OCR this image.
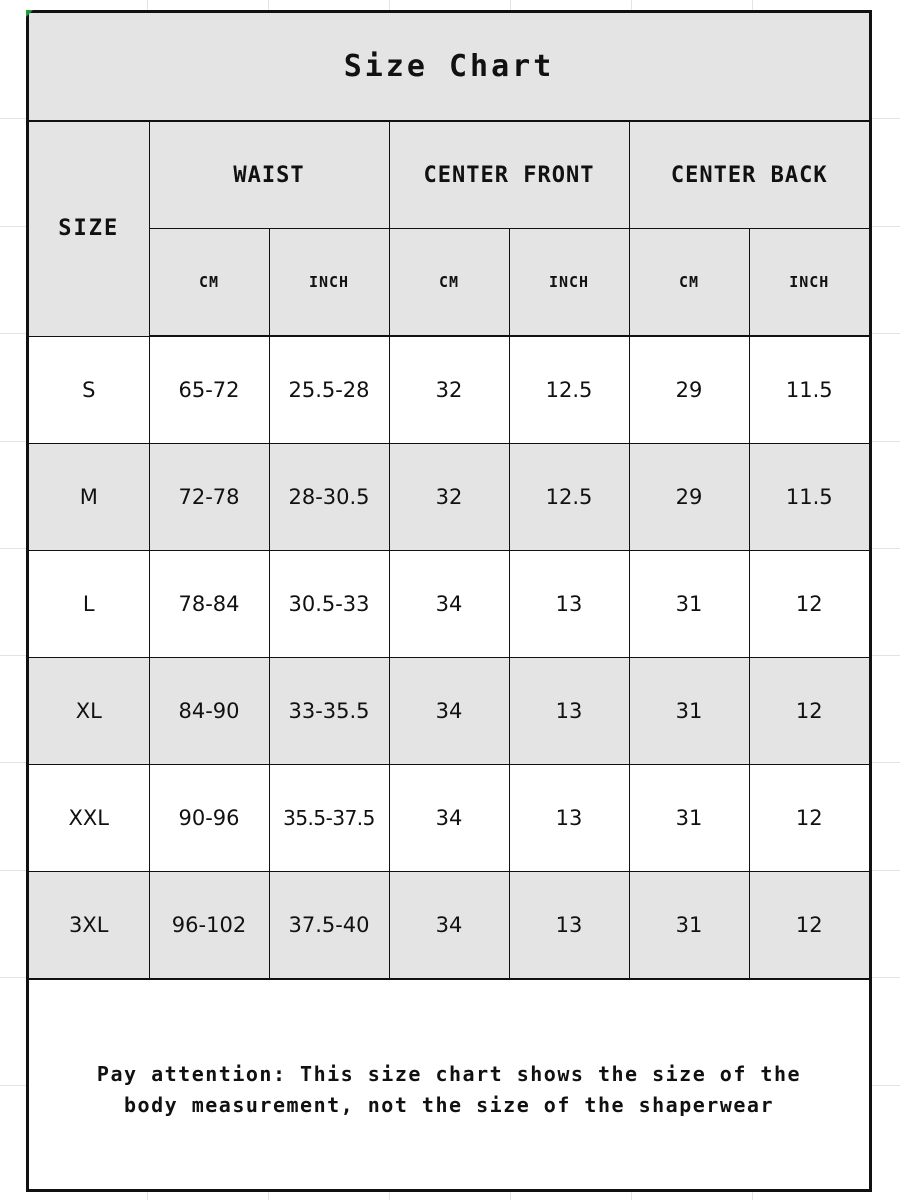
Size Chart
SIZE	WAIST		CENTER FRONT		CENTER BACK	
	CM	INCH	CM	INCH	CM	INCH
S	65-72	25.5-28	32	12.5	29	11.5
M	72-78	28-30.5	32	12.5	29	11.5
L	78-84	30.5-33	34	13	31	12
XL	84-90	33-35.5	34	13	31	12
XXL	90-96	35.5-37.5	34	13	31	12
3XL	96-102	37.5-40	34	13	31	12
Pay attention: This size chart shows the size of the
body measurement, not the size of the shaperwear
